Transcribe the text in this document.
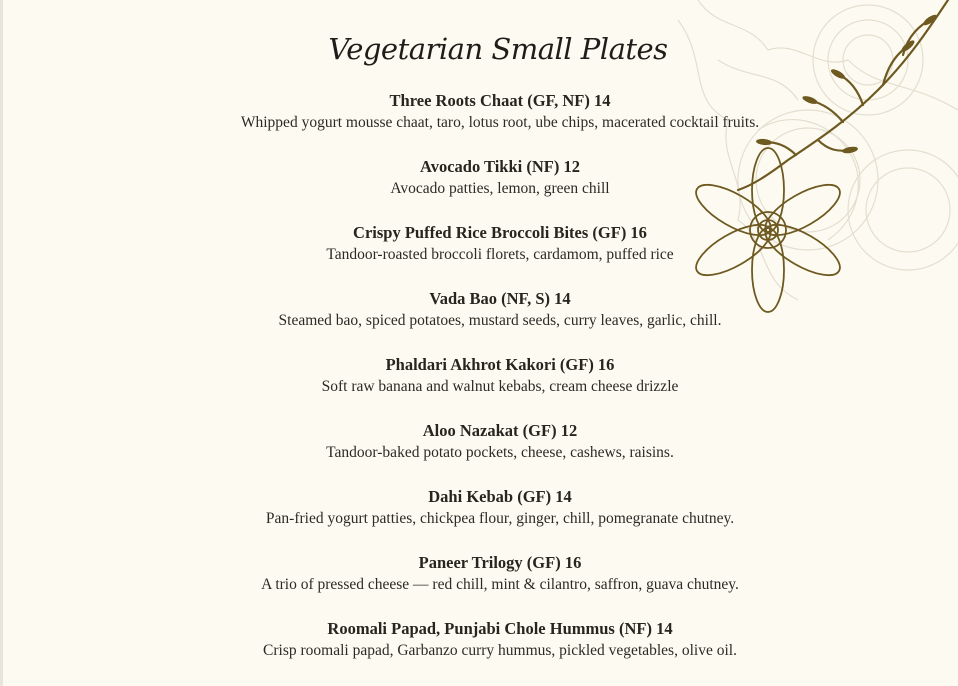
Vegetarian Small Plates
Three Roots Chaat (GF, NF) 14
Whipped yogurt mousse chaat, taro, lotus root, ube chips, macerated cocktail fruits.
Avocado Tikki (NF) 12
Avocado patties, lemon, green chill
Crispy Puffed Rice Broccoli Bites (GF) 16
Tandoor-roasted broccoli florets, cardamom, puffed rice
Vada Bao (NF, S) 14
Steamed bao, spiced potatoes, mustard seeds, curry leaves, garlic, chill.
Phaldari Akhrot Kakori (GF) 16
Soft raw banana and walnut kebabs, cream cheese drizzle
Aloo Nazakat (GF) 12
Tandoor-baked potato pockets, cheese, cashews, raisins.
Dahi Kebab (GF) 14
Pan-fried yogurt patties, chickpea flour, ginger, chill, pomegranate chutney.
Paneer Trilogy (GF) 16
A trio of pressed cheese — red chill, mint & cilantro, saffron, guava chutney.
Roomali Papad, Punjabi Chole Hummus (NF) 14
Crisp roomali papad, Garbanzo curry hummus, pickled vegetables, olive oil.
